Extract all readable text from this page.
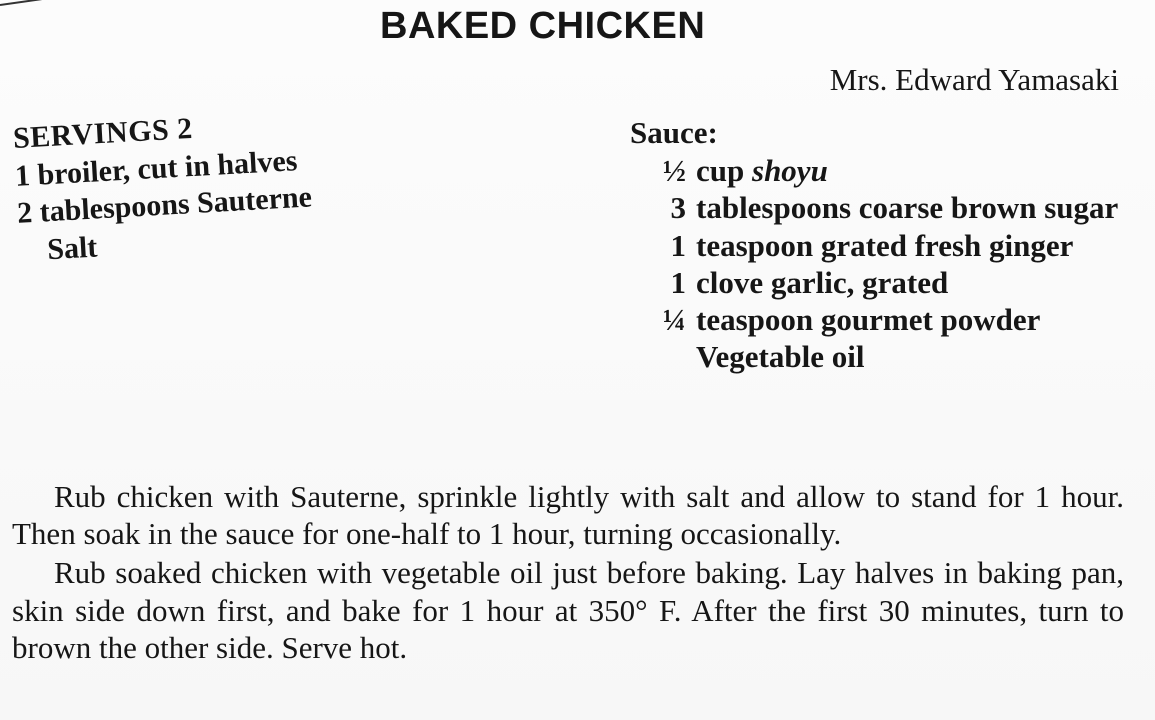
BAKED CHICKEN
Mrs. Edward Yamasaki
SERVINGS 2
1 broiler, cut in halves
2 tablespoons Sauterne
Salt
Sauce:
½ cup shoyu
3 tablespoons coarse brown sugar
1 teaspoon grated fresh ginger
1 clove garlic, grated
¼ teaspoon gourmet powder
Vegetable oil

Rub chicken with Sauterne, sprinkle lightly with salt and allow to stand for 1 hour. Then soak in the sauce for one-half to 1 hour, turning occasionally.

Rub soaked chicken with vegetable oil just before baking. Lay halves in baking pan, skin side down first, and bake for 1 hour at 350° F. After the first 30 minutes, turn to brown the other side. Serve hot.
